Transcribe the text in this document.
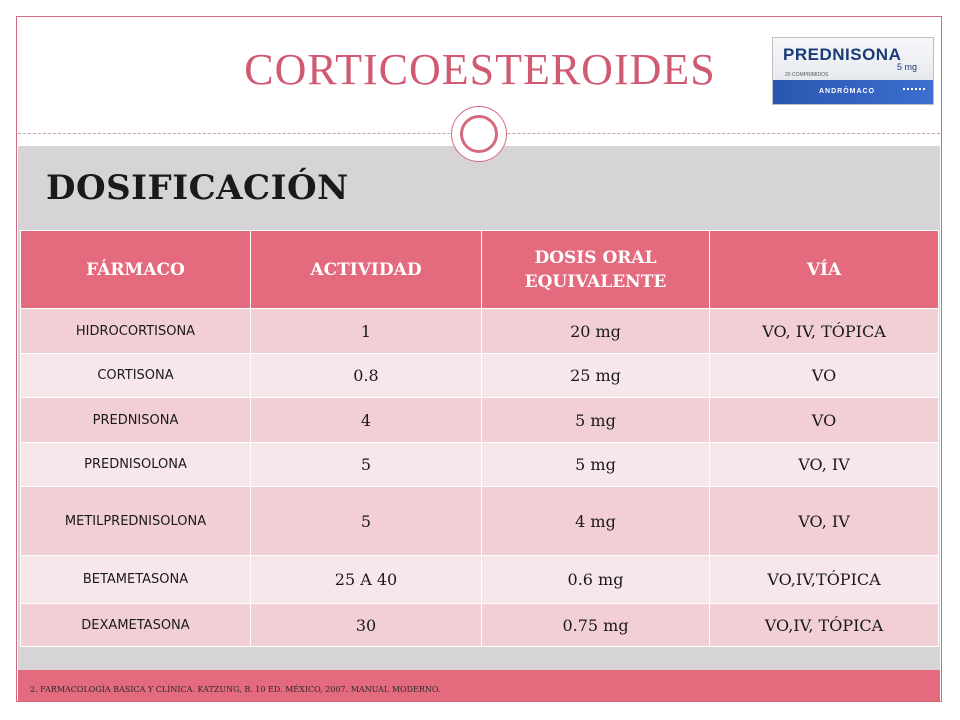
CORTICOESTEROIDES	PREDNISONA
5 mg
20 COMPRIMIDOS
ANDRÓMACO
DOSIFICACIÓN
FÁRMACO	ACTIVIDAD	DOSIS ORAL EQUIVALENTE	VÍA
HIDROCORTISONA	1	20 mg	VO, IV, TÓPICA
CORTISONA	0.8	25 mg	VO
PREDNISONA	4	5 mg	VO
PREDNISOLONA	5	5 mg	VO, IV
METILPREDNISOLONA	5	4 mg	VO, IV
BETAMETASONA	25 A 40	0.6 mg	VO,IV,TÓPICA
DEXAMETASONA	30	0.75 mg	VO,IV, TÓPICA
2. FARMACOLOGÍA BASICA Y CLÍNICA. KATZUNG, B. 10 ED. MÉXICO, 2007. MANUAL MODERNO.
